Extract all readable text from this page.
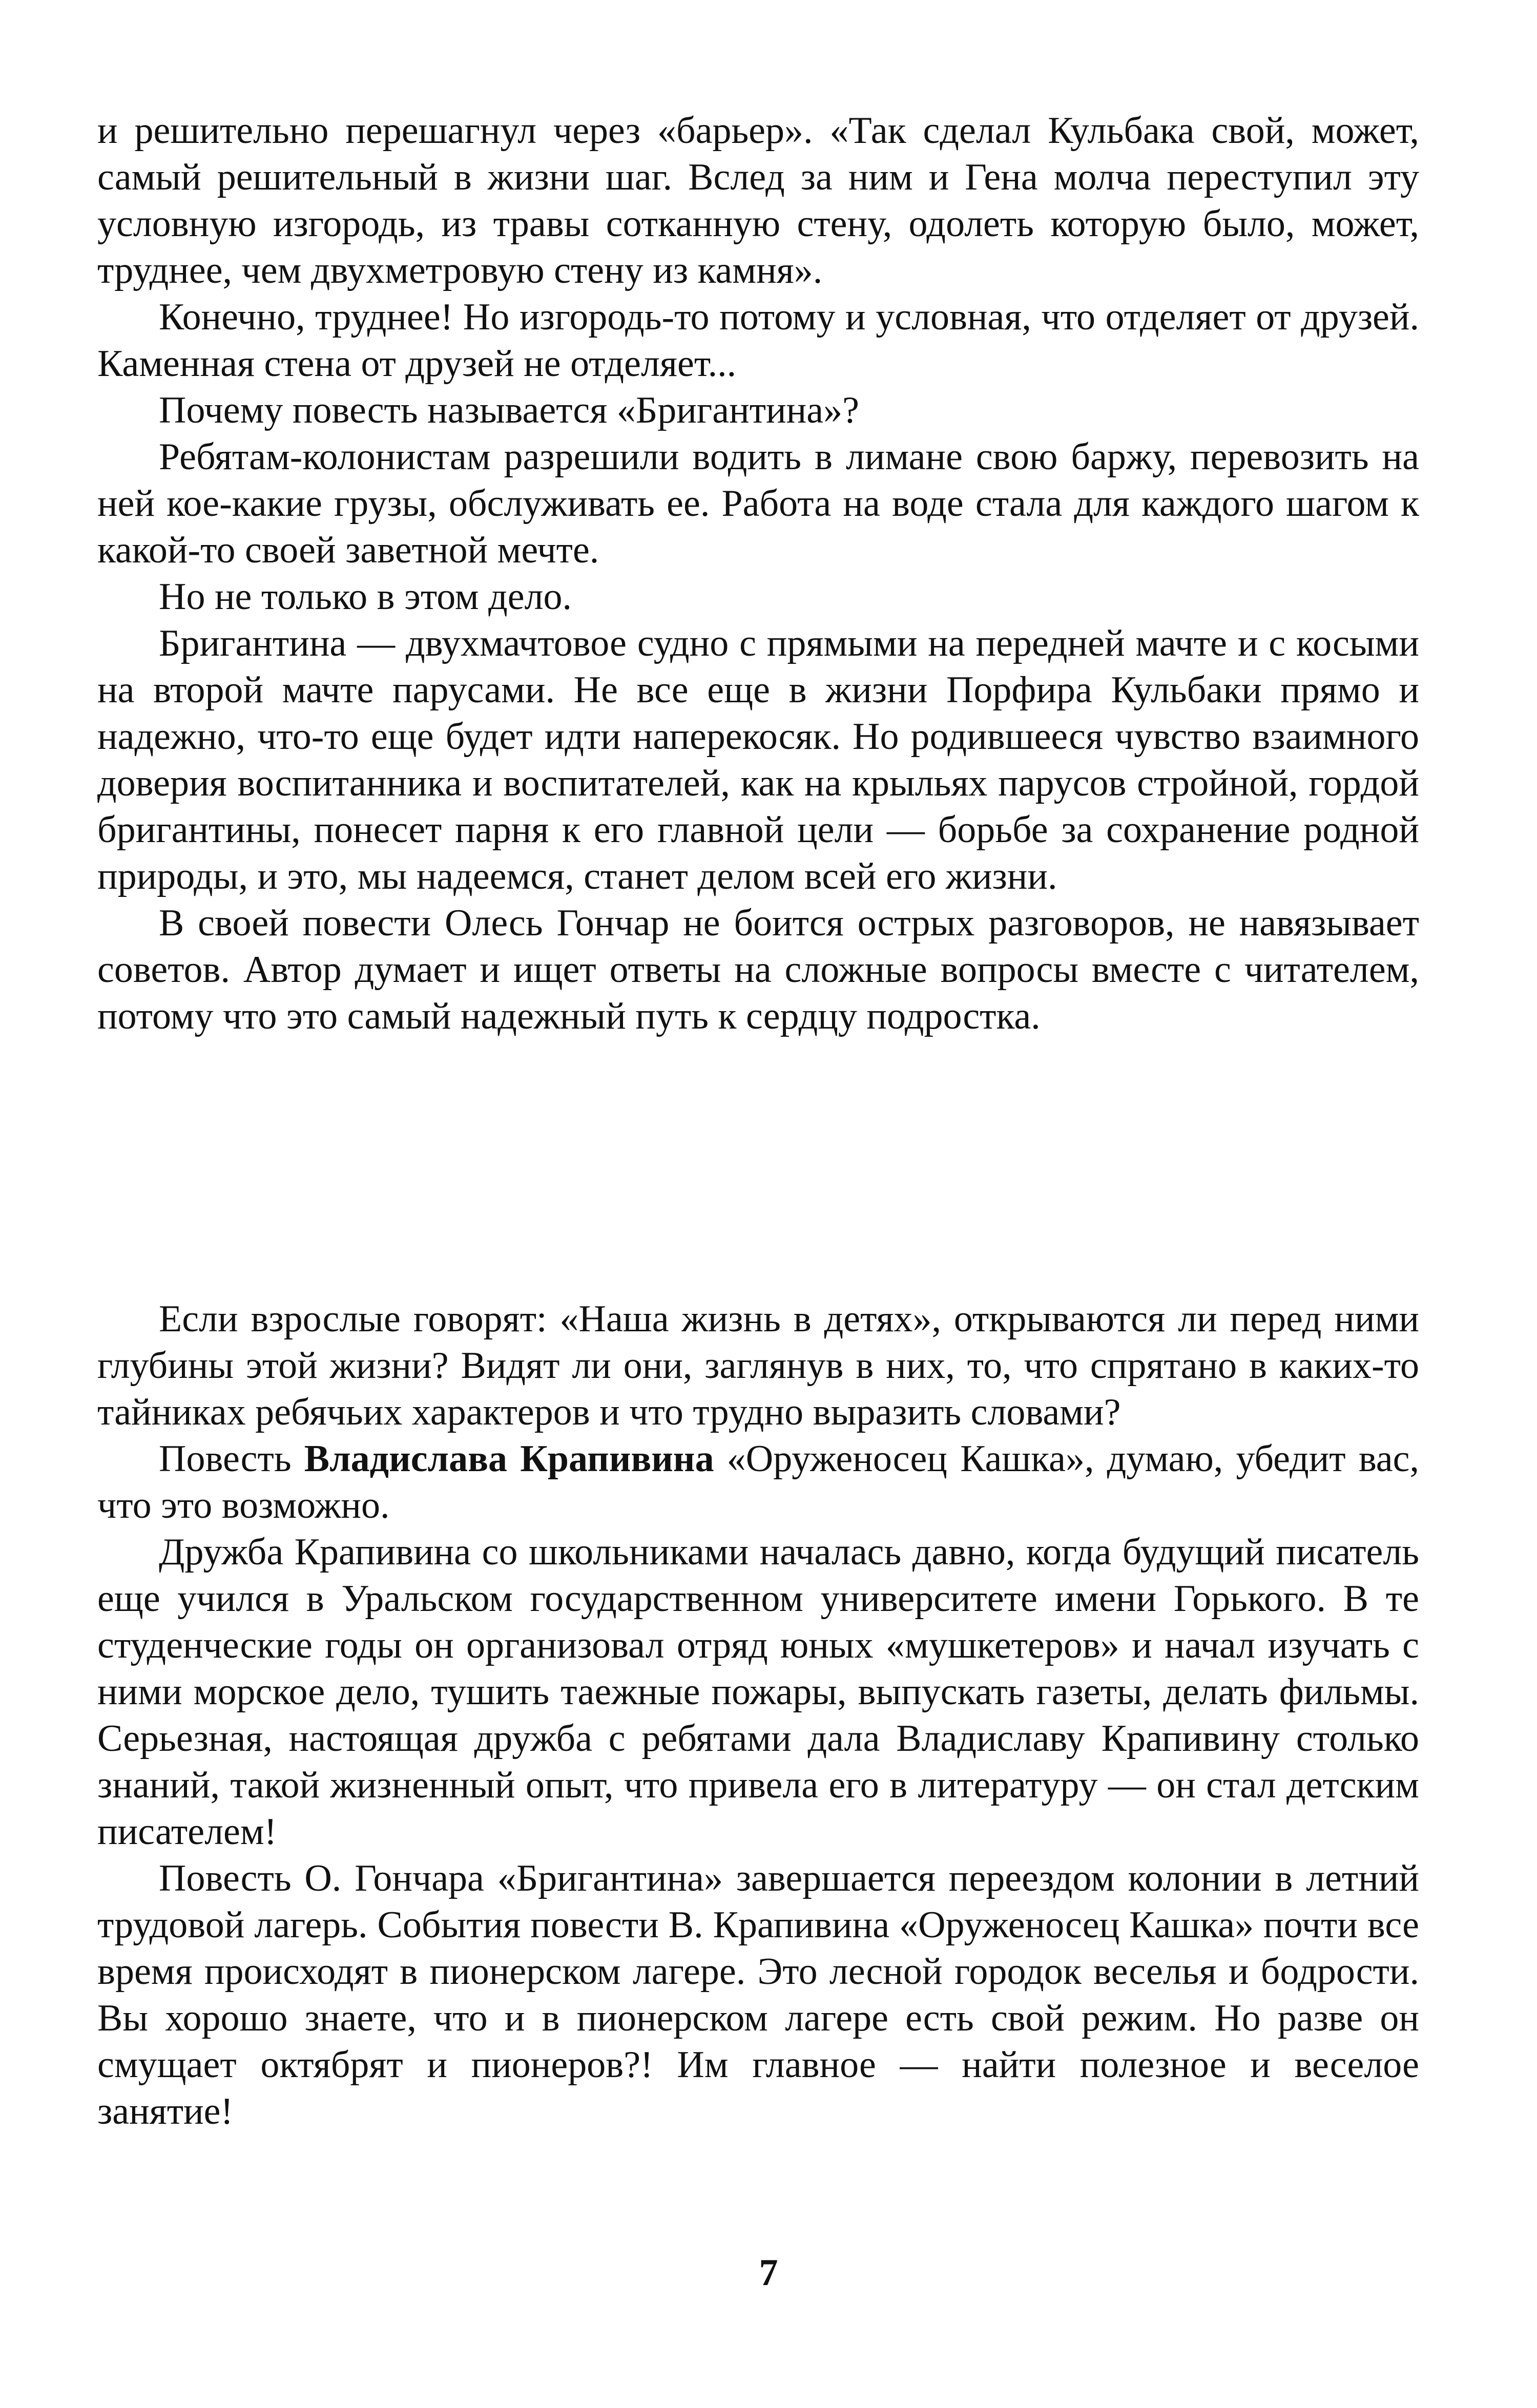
и решительно перешагнул через «барьер». «Так сделал Кульбака свой, может, самый решительный в жизни шаг. Вслед за ним и Гена молча переступил эту условную изгородь, из травы сотканную стену, одолеть которую было, может, труднее, чем двухметровую стену из камня».

Конечно, труднее! Но изгородь-то потому и условная, что отделяет от друзей. Каменная стена от друзей не отделяет...

Почему повесть называется «Бригантина»?

Ребятам-колонистам разрешили водить в лимане свою баржу, перевозить на ней кое-какие грузы, обслуживать ее. Работа на воде стала для каждого шагом к какой-то своей заветной мечте.

Но не только в этом дело.

Бригантина — двухмачтовое судно с прямыми на передней мачте и с косыми на второй мачте парусами. Не все еще в жизни Порфира Кульбаки прямо и надежно, что-то еще будет идти наперекосяк. Но родившееся чувство взаимного доверия воспитанника и воспитателей, как на крыльях парусов стройной, гордой бригантины, понесет парня к его главной цели — борьбе за сохранение родной природы, и это, мы надеемся, станет делом всей его жизни.

В своей повести Олесь Гончар не боится острых разговоров, не навязывает советов. Автор думает и ищет ответы на сложные вопросы вместе с читателем, потому что это самый надежный путь к сердцу подростка.

Если взрослые говорят: «Наша жизнь в детях», открываются ли перед ними глубины этой жизни? Видят ли они, заглянув в них, то, что спрятано в каких-то тайниках ребячьих характеров и что трудно выразить словами?

Повесть Владислава Крапивина «Оруженосец Кашка», думаю, убедит вас, что это возможно.

Дружба Крапивина со школьниками началась давно, когда будущий писатель еще учился в Уральском государственном университете имени Горького. В те студенческие годы он организовал отряд юных «мушкетеров» и начал изучать с ними морское дело, тушить таежные пожары, выпускать газеты, делать фильмы. Серьезная, настоящая дружба с ребятами дала Владиславу Крапивину столько знаний, такой жизненный опыт, что привела его в литературу — он стал детским писателем!

Повесть О. Гончара «Бригантина» завершается переездом колонии в летний трудовой лагерь. События повести В. Крапивина «Оруженосец Кашка» почти все время происходят в пионерском лагере. Это лесной городок веселья и бодрости. Вы хорошо знаете, что и в пионерском лагере есть свой режим. Но разве он смущает октябрят и пионеров?! Им главное — найти полезное и веселое занятие!

7
